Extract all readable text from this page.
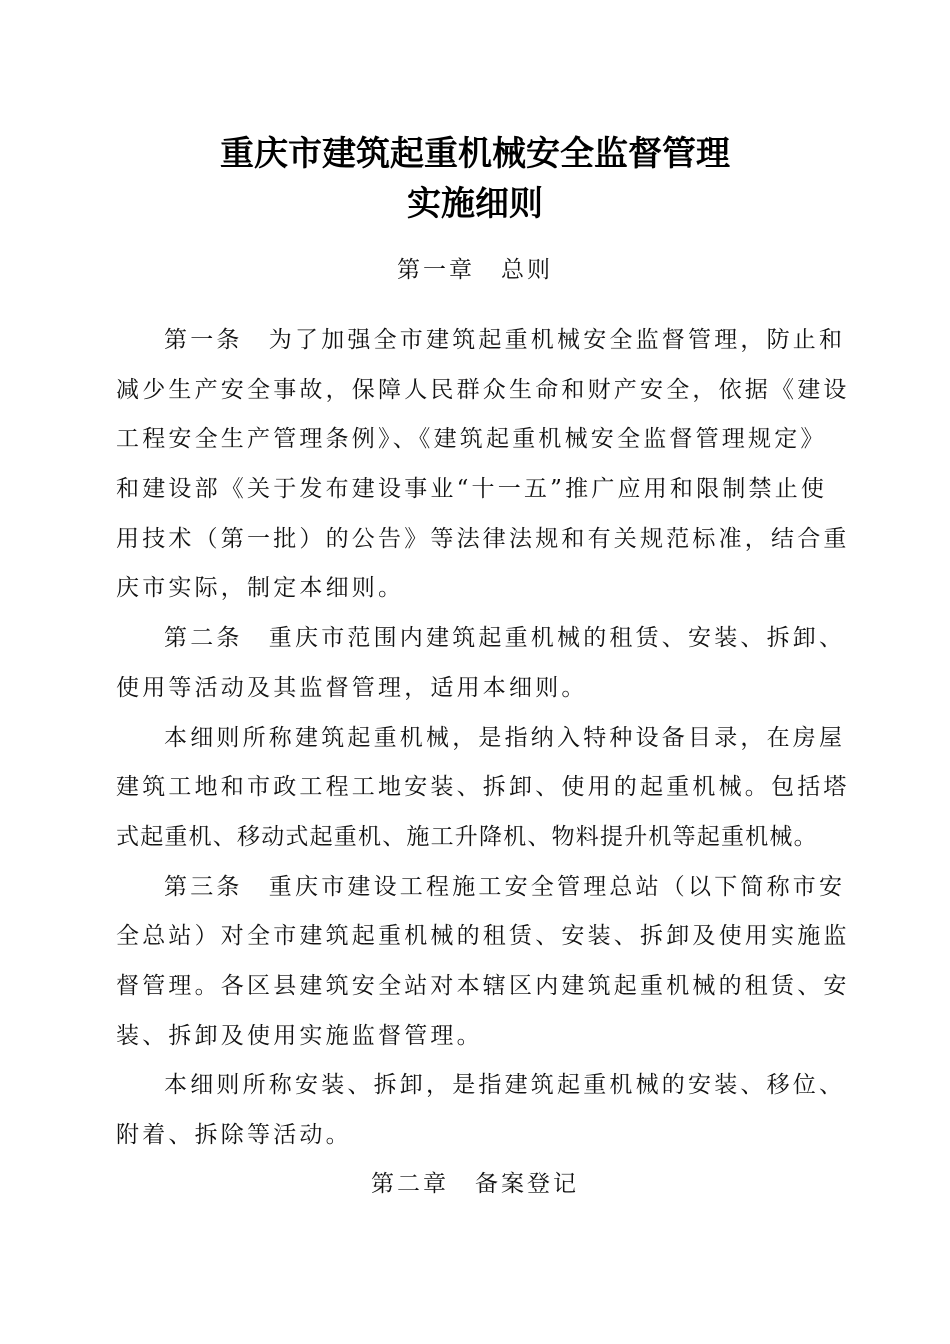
重庆市建筑起重机械安全监督管理
实施细则
第一章　总则
第一条　为了加强全市建筑起重机械安全监督管理，防止和
减少生产安全事故，保障人民群众生命和财产安全，依据《建设
工程安全生产管理条例》、《建筑起重机械安全监督管理规定》
和建设部《关于发布建设事业“十一五”推广应用和限制禁止使
用技术（第一批）的公告》等法律法规和有关规范标准，结合重
庆市实际，制定本细则。
第二条　重庆市范围内建筑起重机械的租赁、安装、拆卸、
使用等活动及其监督管理，适用本细则。
本细则所称建筑起重机械，是指纳入特种设备目录，在房屋
建筑工地和市政工程工地安装、拆卸、使用的起重机械。包括塔
式起重机、移动式起重机、施工升降机、物料提升机等起重机械。
第三条　重庆市建设工程施工安全管理总站（以下简称市安
全总站）对全市建筑起重机械的租赁、安装、拆卸及使用实施监
督管理。各区县建筑安全站对本辖区内建筑起重机械的租赁、安
装、拆卸及使用实施监督管理。
本细则所称安装、拆卸，是指建筑起重机械的安装、移位、
附着、拆除等活动。
第二章　备案登记
